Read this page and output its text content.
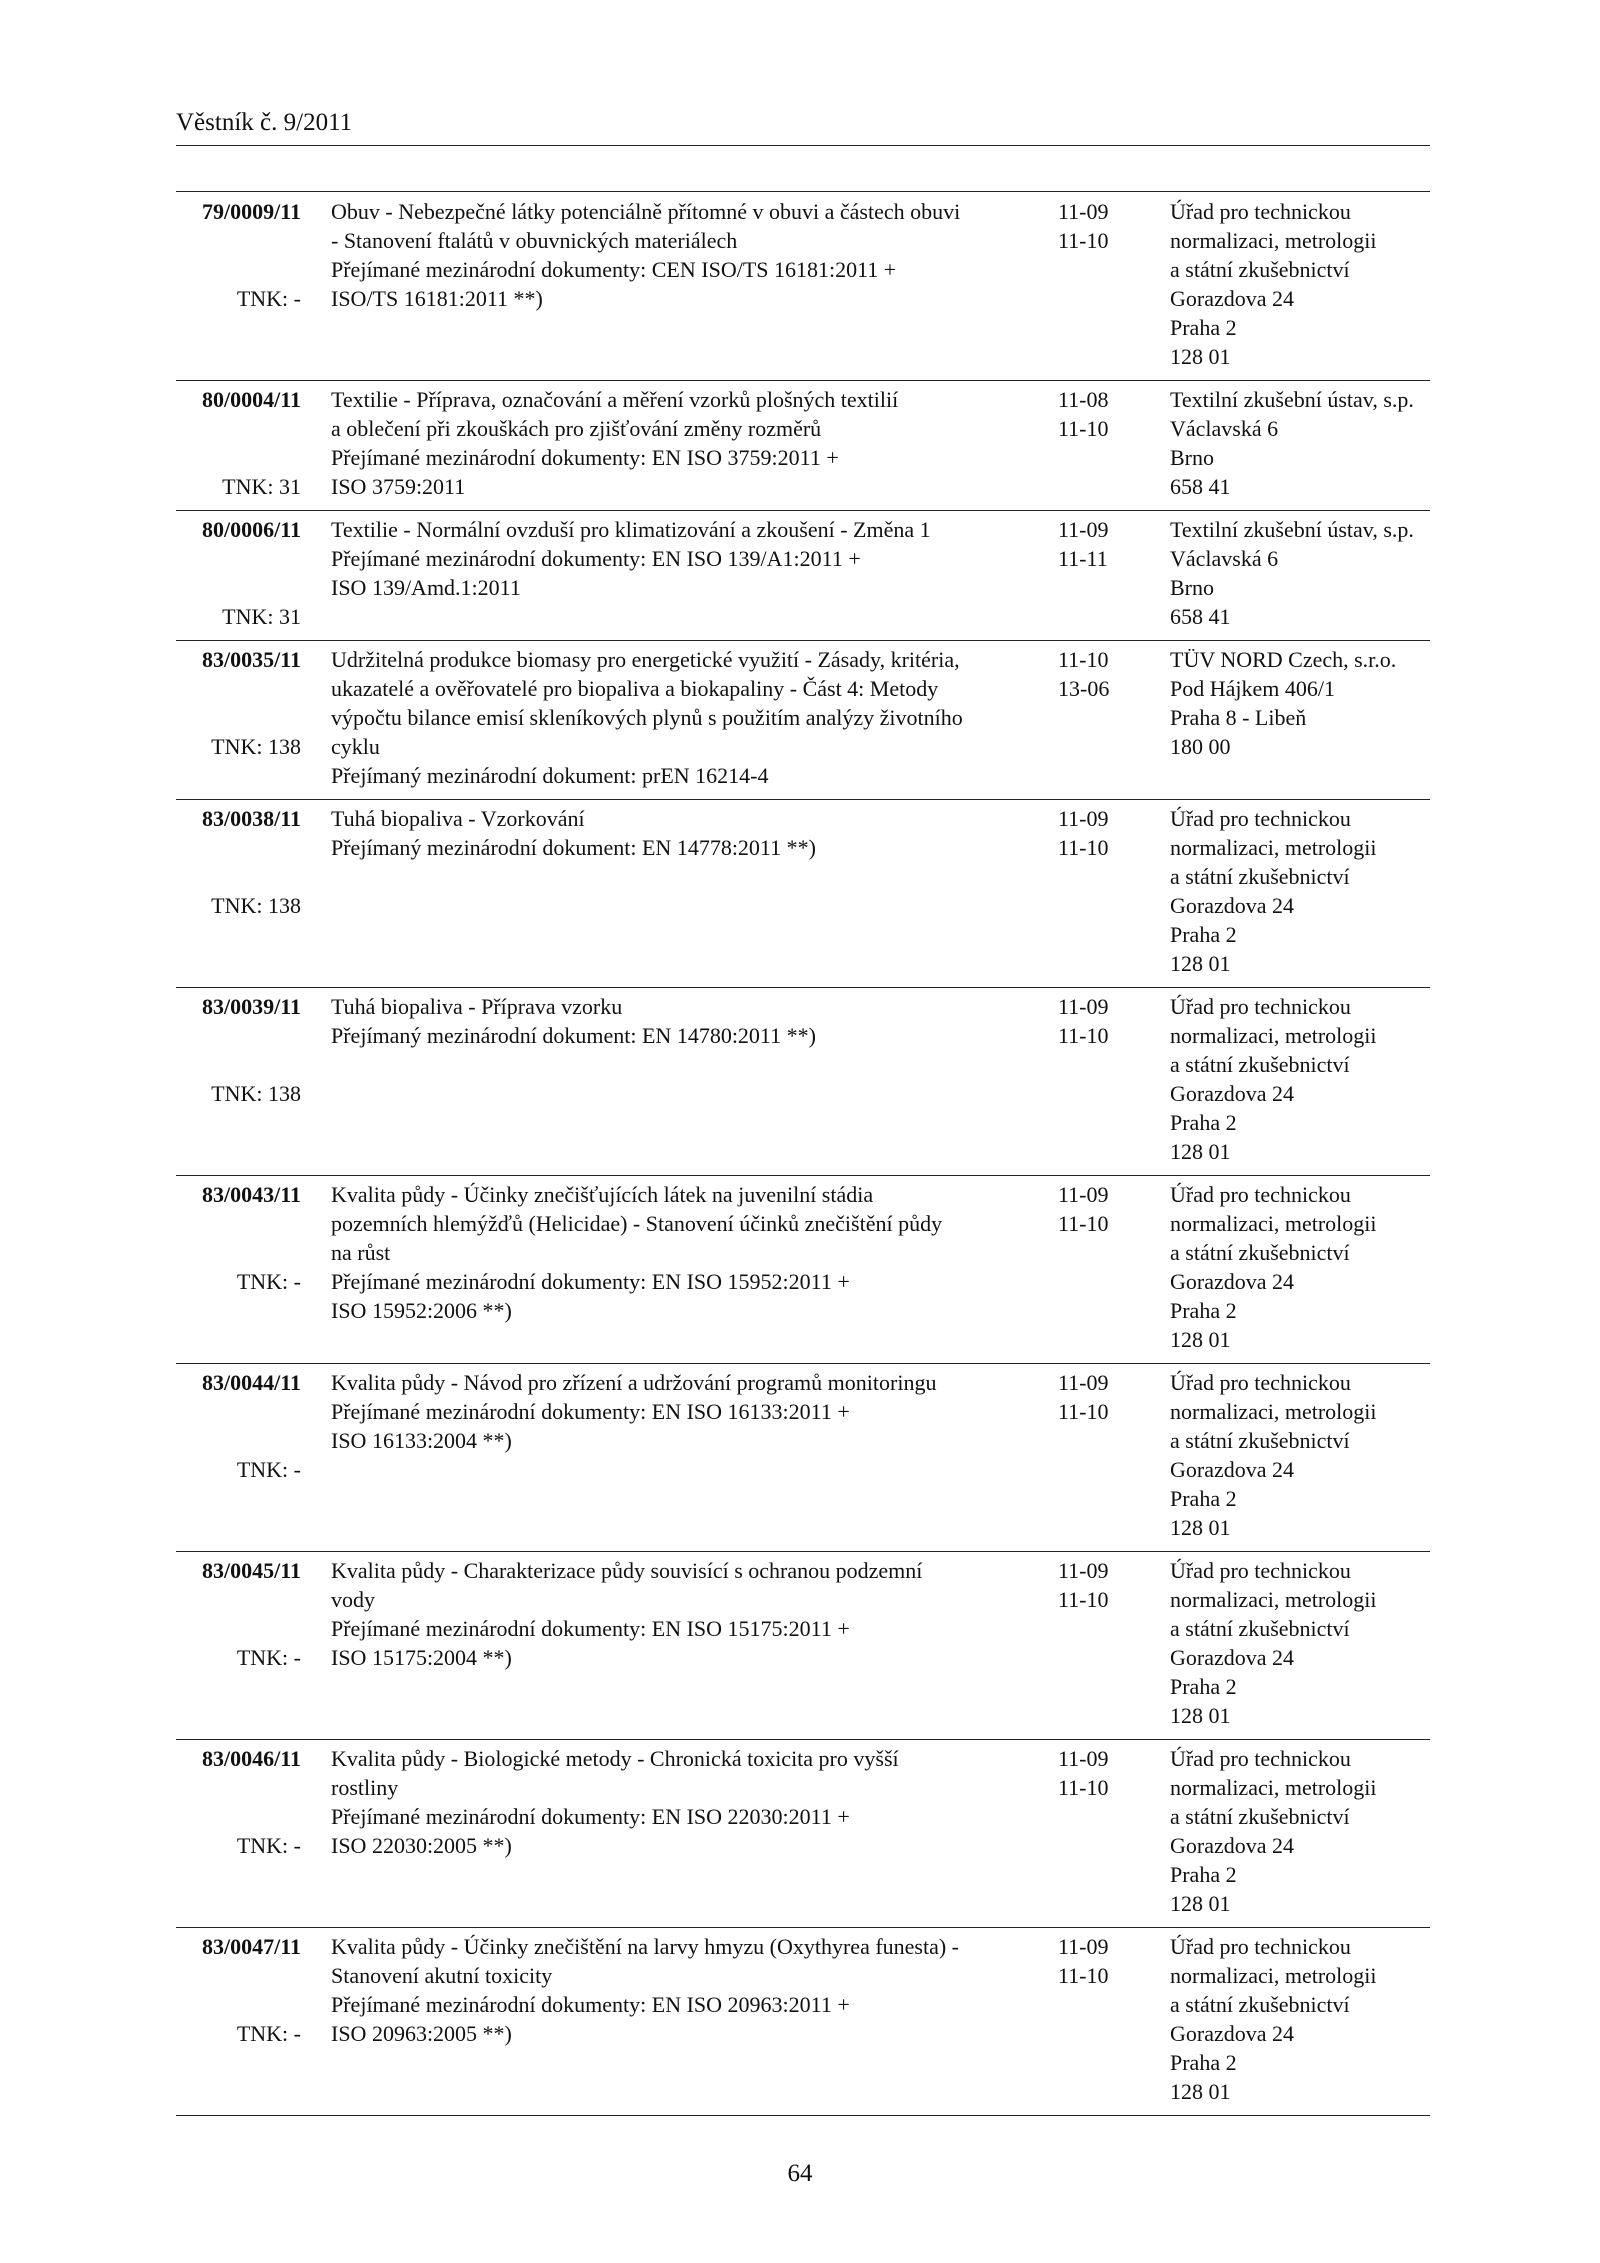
Věstník č. 9/2011
79/0009/11
TNK: -
Obuv - Nebezpečné látky potenciálně přítomné v obuvi a částech obuvi
- Stanovení ftalátů v obuvnických materiálech
Přejímané mezinárodní dokumenty: CEN ISO/TS 16181:2011 +
ISO/TS 16181:2011 **)
11-09
11-10
Úřad pro technickou
normalizaci, metrologii
a státní zkušebnictví
Gorazdova 24
Praha 2
128 01
80/0004/11
TNK: 31
Textilie - Příprava, označování a měření vzorků plošných textilií
a oblečení při zkouškách pro zjišťování změny rozměrů
Přejímané mezinárodní dokumenty: EN ISO 3759:2011 +
ISO 3759:2011
11-08
11-10
Textilní zkušební ústav, s.p.
Václavská 6
Brno
658 41
80/0006/11
TNK: 31
Textilie - Normální ovzduší pro klimatizování a zkoušení - Změna 1
Přejímané mezinárodní dokumenty: EN ISO 139/A1:2011 +
ISO 139/Amd.1:2011
11-09
11-11
Textilní zkušební ústav, s.p.
Václavská 6
Brno
658 41
83/0035/11
TNK: 138
Udržitelná produkce biomasy pro energetické využití - Zásady, kritéria,
ukazatelé a ověřovatelé pro biopaliva a biokapaliny - Část 4: Metody
výpočtu bilance emisí skleníkových plynů s použitím analýzy životního
cyklu
Přejímaný mezinárodní dokument: prEN 16214-4
11-10
13-06
TÜV NORD Czech, s.r.o.
Pod Hájkem 406/1
Praha 8 - Libeň
180 00
83/0038/11
TNK: 138
Tuhá biopaliva - Vzorkování
Přejímaný mezinárodní dokument: EN 14778:2011 **)
11-09
11-10
Úřad pro technickou
normalizaci, metrologii
a státní zkušebnictví
Gorazdova 24
Praha 2
128 01
83/0039/11
TNK: 138
Tuhá biopaliva - Příprava vzorku
Přejímaný mezinárodní dokument: EN 14780:2011 **)
11-09
11-10
Úřad pro technickou
normalizaci, metrologii
a státní zkušebnictví
Gorazdova 24
Praha 2
128 01
83/0043/11
TNK: -
Kvalita půdy - Účinky znečišťujících látek na juvenilní stádia
pozemních hlemýžďů (Helicidae) - Stanovení účinků znečištění půdy
na růst
Přejímané mezinárodní dokumenty: EN ISO 15952:2011 +
ISO 15952:2006 **)
11-09
11-10
Úřad pro technickou
normalizaci, metrologii
a státní zkušebnictví
Gorazdova 24
Praha 2
128 01
83/0044/11
TNK: -
Kvalita půdy - Návod pro zřízení a udržování programů monitoringu
Přejímané mezinárodní dokumenty: EN ISO 16133:2011 +
ISO 16133:2004 **)
11-09
11-10
Úřad pro technickou
normalizaci, metrologii
a státní zkušebnictví
Gorazdova 24
Praha 2
128 01
83/0045/11
TNK: -
Kvalita půdy - Charakterizace půdy souvisící s ochranou podzemní
vody
Přejímané mezinárodní dokumenty: EN ISO 15175:2011 +
ISO 15175:2004 **)
11-09
11-10
Úřad pro technickou
normalizaci, metrologii
a státní zkušebnictví
Gorazdova 24
Praha 2
128 01
83/0046/11
TNK: -
Kvalita půdy - Biologické metody - Chronická toxicita pro vyšší
rostliny
Přejímané mezinárodní dokumenty: EN ISO 22030:2011 +
ISO 22030:2005 **)
11-09
11-10
Úřad pro technickou
normalizaci, metrologii
a státní zkušebnictví
Gorazdova 24
Praha 2
128 01
83/0047/11
TNK: -
Kvalita půdy - Účinky znečištění na larvy hmyzu (Oxythyrea funesta) -
Stanovení akutní toxicity
Přejímané mezinárodní dokumenty: EN ISO 20963:2011 +
ISO 20963:2005 **)
11-09
11-10
Úřad pro technickou
normalizaci, metrologii
a státní zkušebnictví
Gorazdova 24
Praha 2
128 01
64
